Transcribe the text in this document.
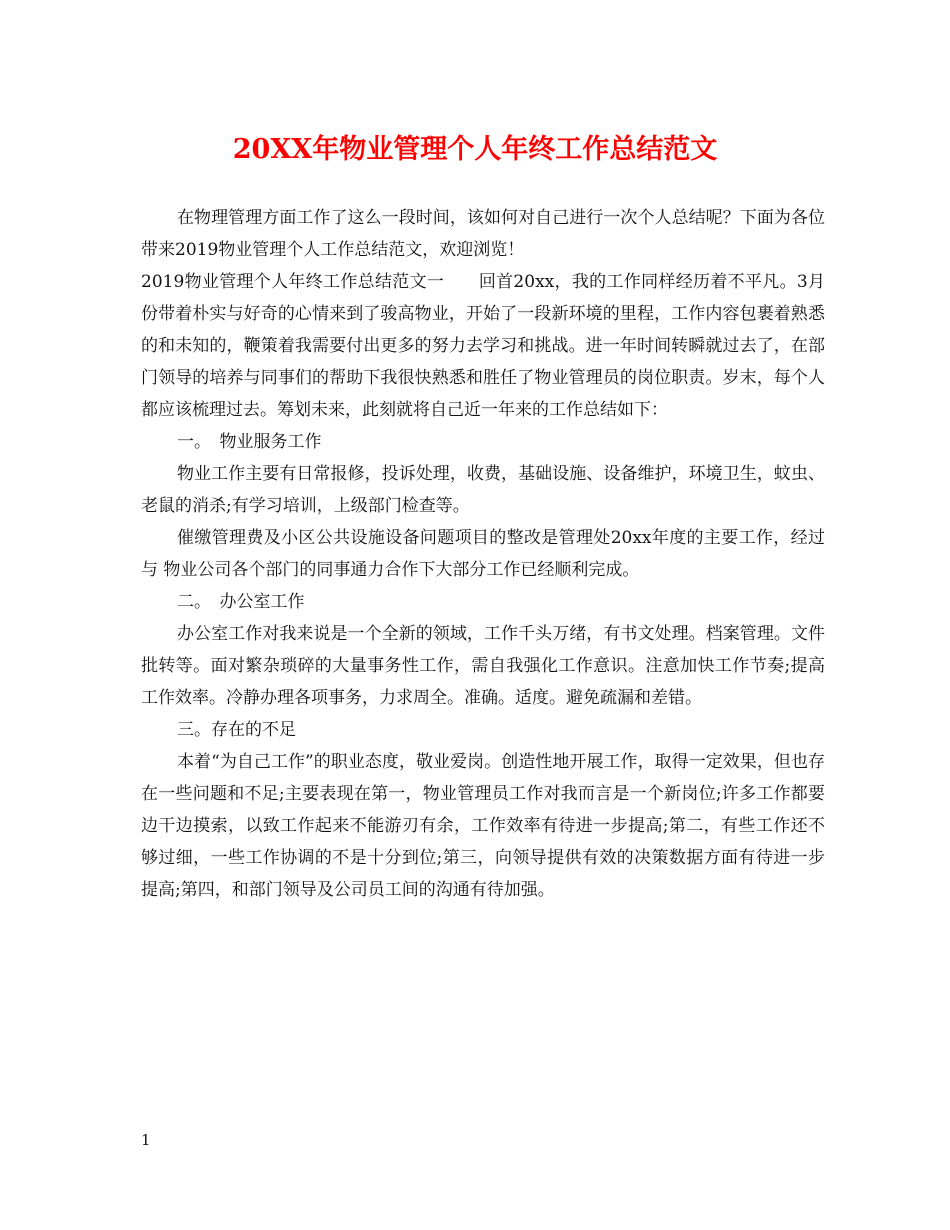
20XX年物业管理个人年终工作总结范文

在物理管理方面工作了这么一段时间，该如何对自己进行一次个人总结呢？下面为各位带来2019物业管理个人工作总结范文，欢迎浏览！

2019物业管理个人年终工作总结范文一　　回首20xx，我的工作同样经历着不平凡。3月份带着朴实与好奇的心情来到了骏高物业，开始了一段新环境的里程，工作内容包裹着熟悉的和未知的，鞭策着我需要付出更多的努力去学习和挑战。进一年时间转瞬就过去了，在部门领导的培养与同事们的帮助下我很快熟悉和胜任了物业管理员的岗位职责。岁末，每个人都应该梳理过去。筹划未来，此刻就将自己近一年来的工作总结如下：

一。　物业服务工作

物业工作主要有日常报修，投诉处理，收费，基础设施、设备维护，环境卫生，蚊虫、老鼠的消杀;有学习培训，上级部门检查等。

催缴管理费及小区公共设施设备问题项目的整改是管理处20xx年度的主要工作，经过与 物业公司各个部门的同事通力合作下大部分工作已经顺利完成。

二。　办公室工作

办公室工作对我来说是一个全新的领域，工作千头万绪，有书文处理。档案管理。文件批转等。面对繁杂琐碎的大量事务性工作，需自我强化工作意识。注意加快工作节奏;提高工作效率。冷静办理各项事务，力求周全。准确。适度。避免疏漏和差错。

三。存在的不足

本着“为自己工作”的职业态度，敬业爱岗。创造性地开展工作，取得一定效果，但也存在一些问题和不足;主要表现在第一，物业管理员工作对我而言是一个新岗位;许多工作都要边干边摸索，以致工作起来不能游刃有余，工作效率有待进一步提高;第二，有些工作还不够过细，一些工作协调的不是十分到位;第三，向领导提供有效的决策数据方面有待进一步提高;第四，和部门领导及公司员工间的沟通有待加强。

1
